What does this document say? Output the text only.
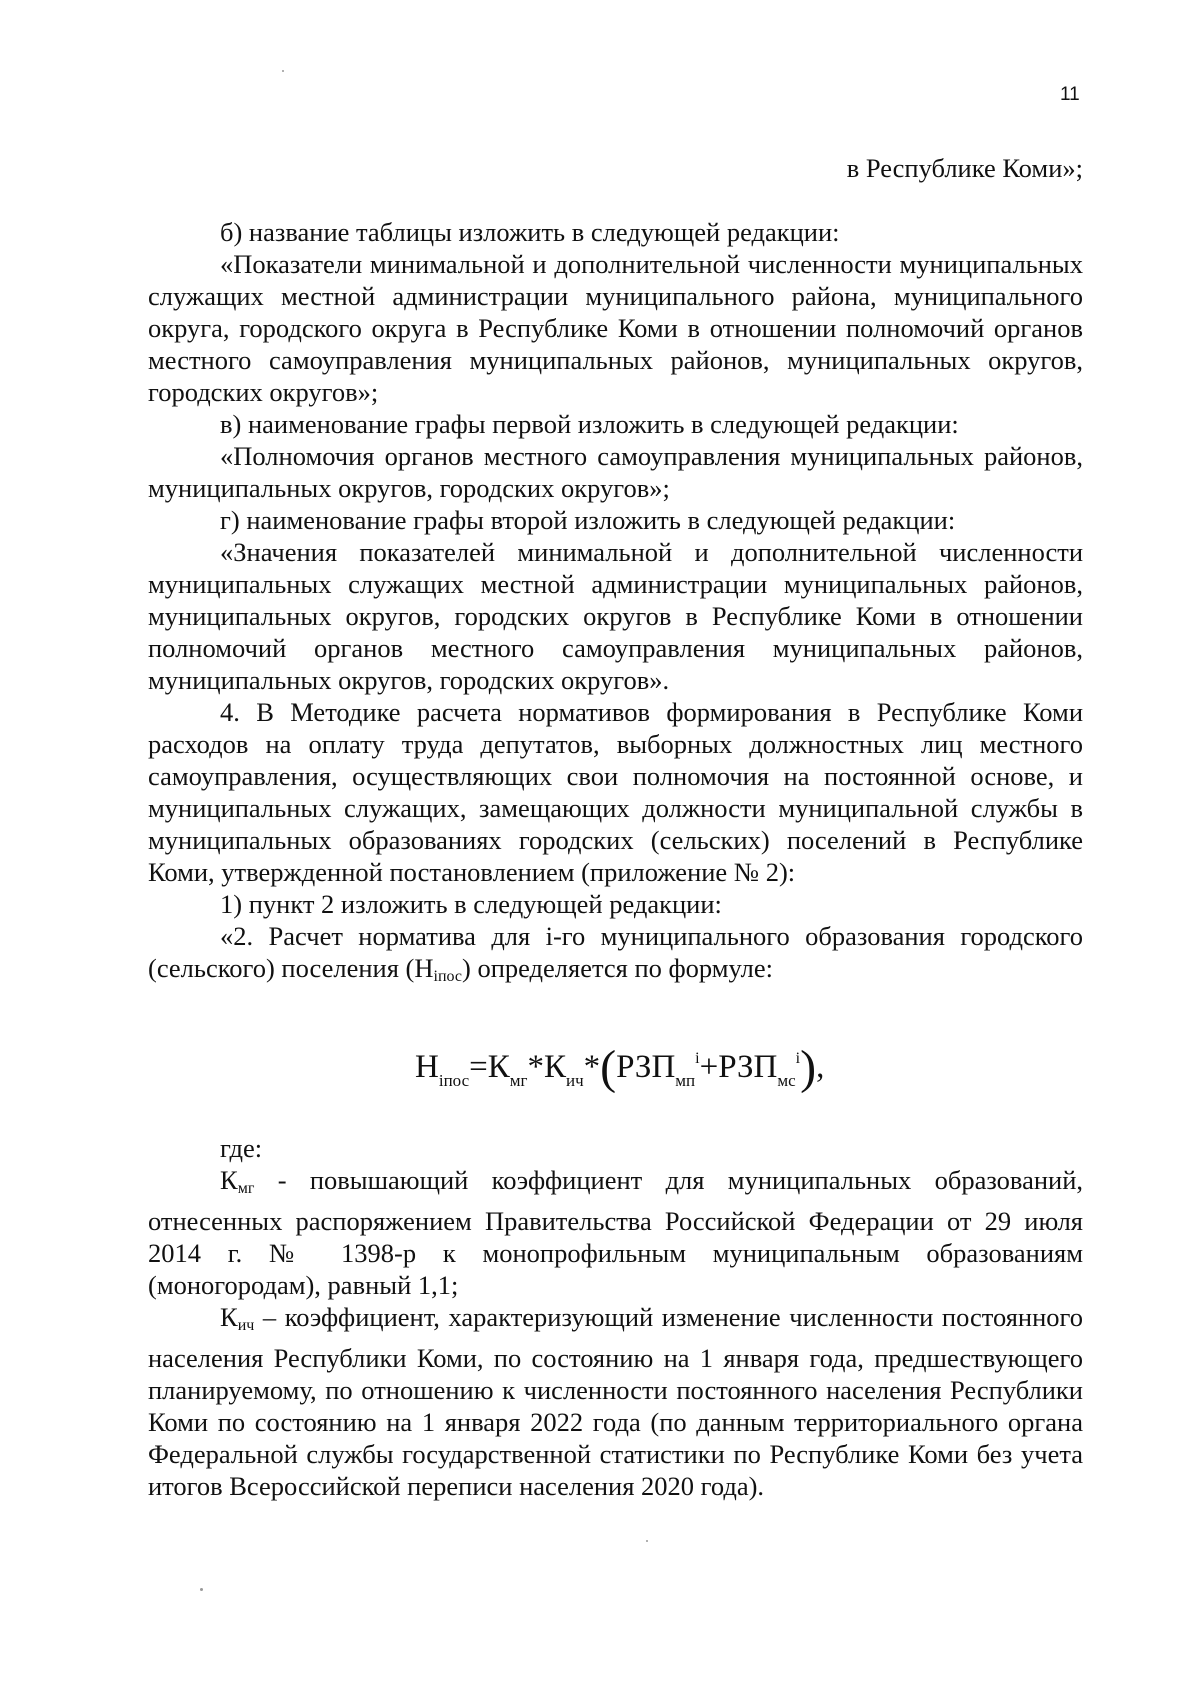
11
в Республике Коми»;

б) название таблицы изложить в следующей редакции:

«Показатели минимальной и дополнительной численности муниципальных служащих местной администрации муниципального района, муниципального округа, городского округа в Республике Коми в отношении полномочий органов местного самоуправления муниципальных районов, муниципальных округов, городских округов»;

в) наименование графы первой изложить в следующей редакции:

«Полномочия органов местного самоуправления муниципальных районов, муниципальных округов, городских округов»;

г) наименование графы второй изложить в следующей редакции:

«Значения показателей минимальной и дополнительной численности муниципальных служащих местной администрации муниципальных районов, муниципальных округов, городских округов в Республике Коми в отношении полномочий органов местного самоуправления муниципальных районов, муниципальных округов, городских округов».

4. В Методике расчета нормативов формирования в Республике Коми расходов на оплату труда депутатов, выборных должностных лиц местного самоуправления, осуществляющих свои полномочия на постоянной основе, и муниципальных служащих, замещающих должности муниципальной службы в муниципальных образованиях городских (сельских) поселений в Республике Коми, утвержденной постановлением (приложение № 2):

1) пункт 2 изложить в следующей редакции:

«2. Расчет норматива для i-го муниципального образования городского (сельского) поселения (Нiпос) определяется по формуле:

$Н_{iпос}=К_{мг}*К_{ич}*(РЗП_{мп}^i+РЗП_{мс}^i)$,

где:

Кмг - повышающий коэффициент для муниципальных образований, отнесенных распоряжением Правительства Российской Федерации от 29 июля 2014 г. № 1398-р к монопрофильным муниципальным образованиям (моногородам), равный 1,1;

Кич – коэффициент, характеризующий изменение численности постоянного населения Республики Коми, по состоянию на 1 января года, предшествующего планируемому, по отношению к численности постоянного населения Республики Коми по состоянию на 1 января 2022 года (по данным территориального органа Федеральной службы государственной статистики по Республике Коми без учета итогов Всероссийской переписи населения 2020 года).
